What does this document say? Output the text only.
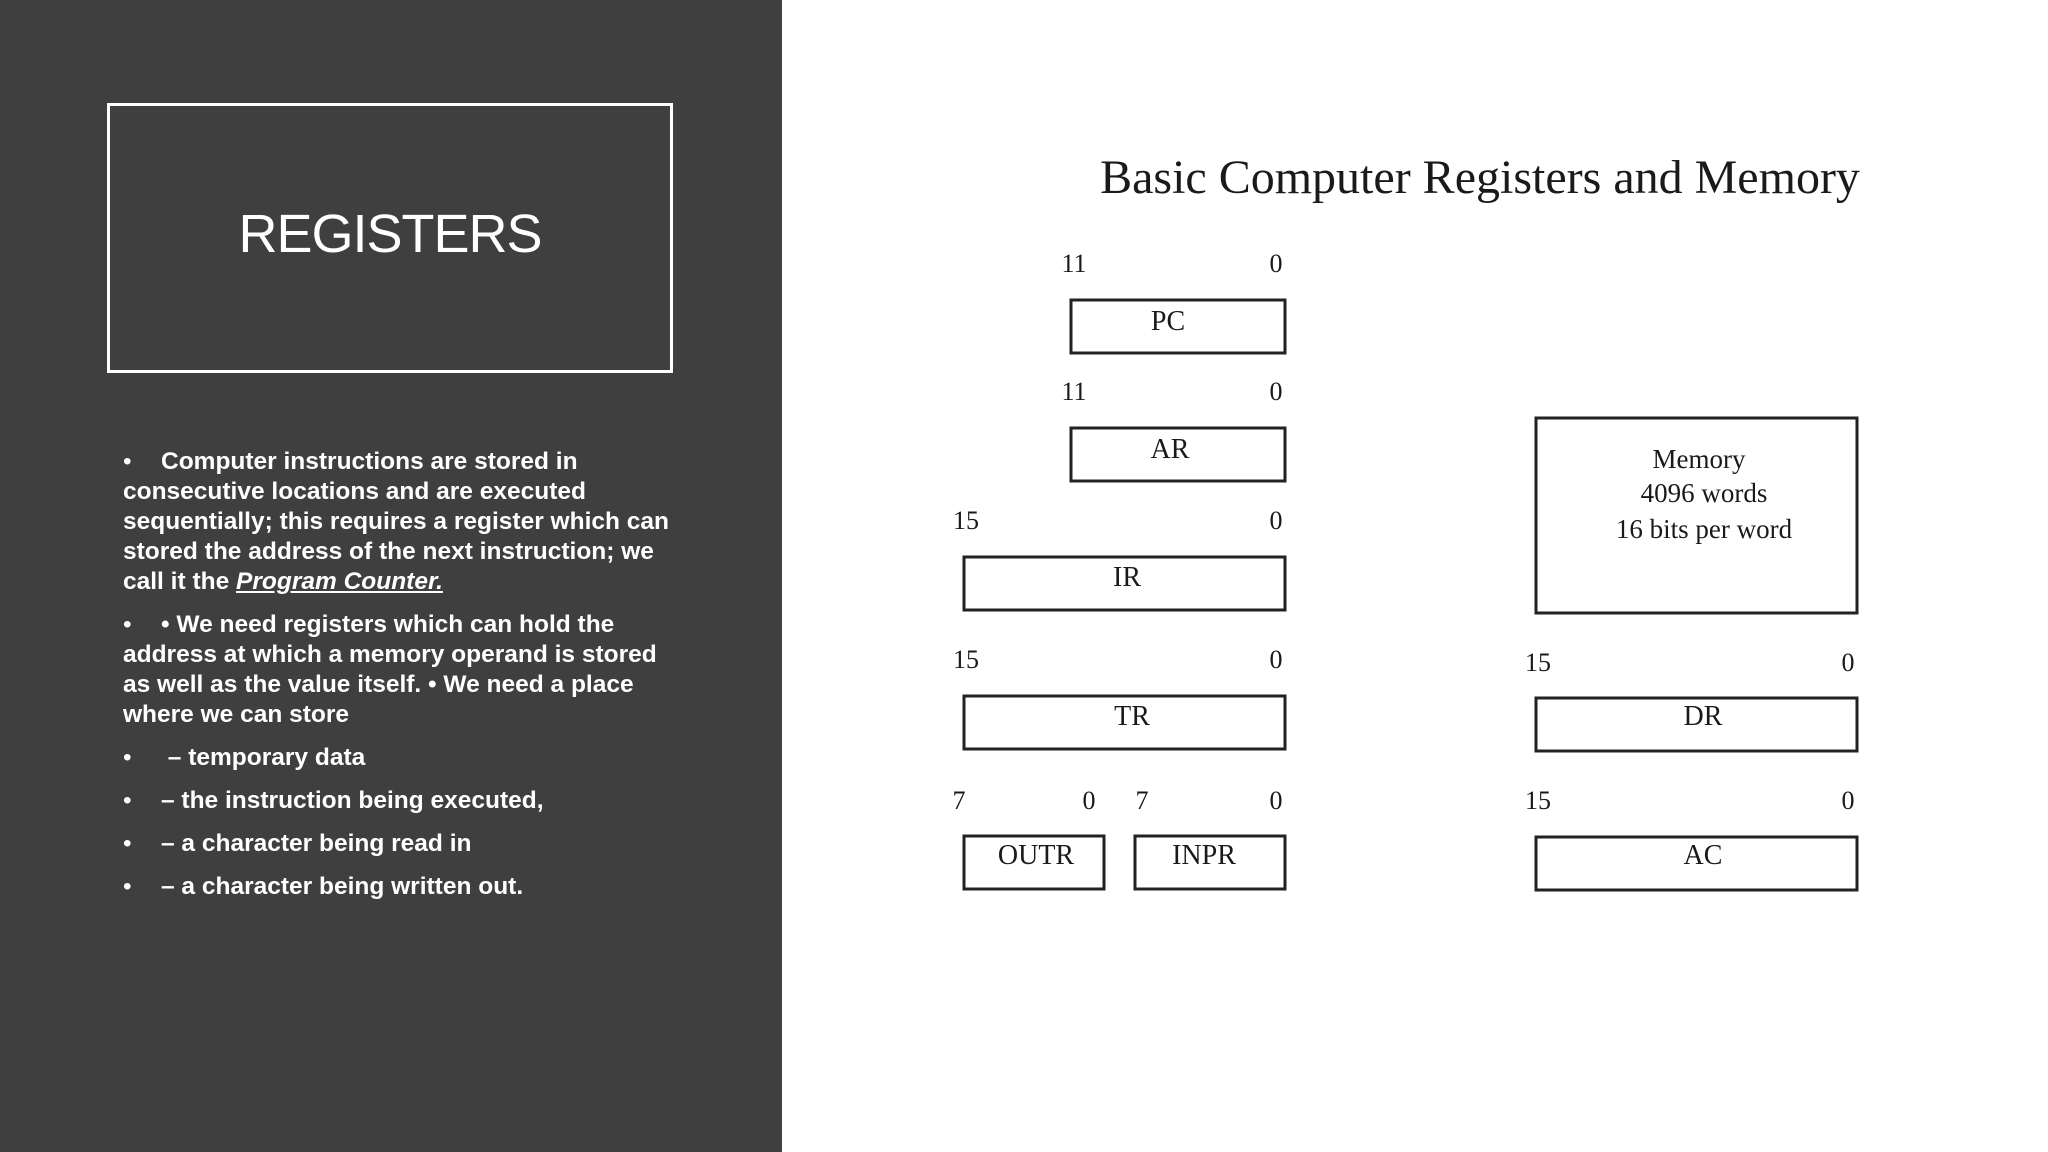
REGISTERS
•Computer instructions are stored in consecutive locations and are executed sequentially; this requires a register which can stored the address of the next instruction; we call it the Program Counter.
•• We need registers which can hold the address at which a memory operand is stored as well as the value itself. • We need a place where we can store
• – temporary data
•– the instruction being executed,
•– a character being read in
•– a character being written out.
Basic Computer Registers and Memory
11	0
PC
11	0
AR
15	0
IR
15	0
TR
7	0
OUTR
7	0
INPR
Memory
4096 words
16 bits per word
15	0
DR
15	0
AC
